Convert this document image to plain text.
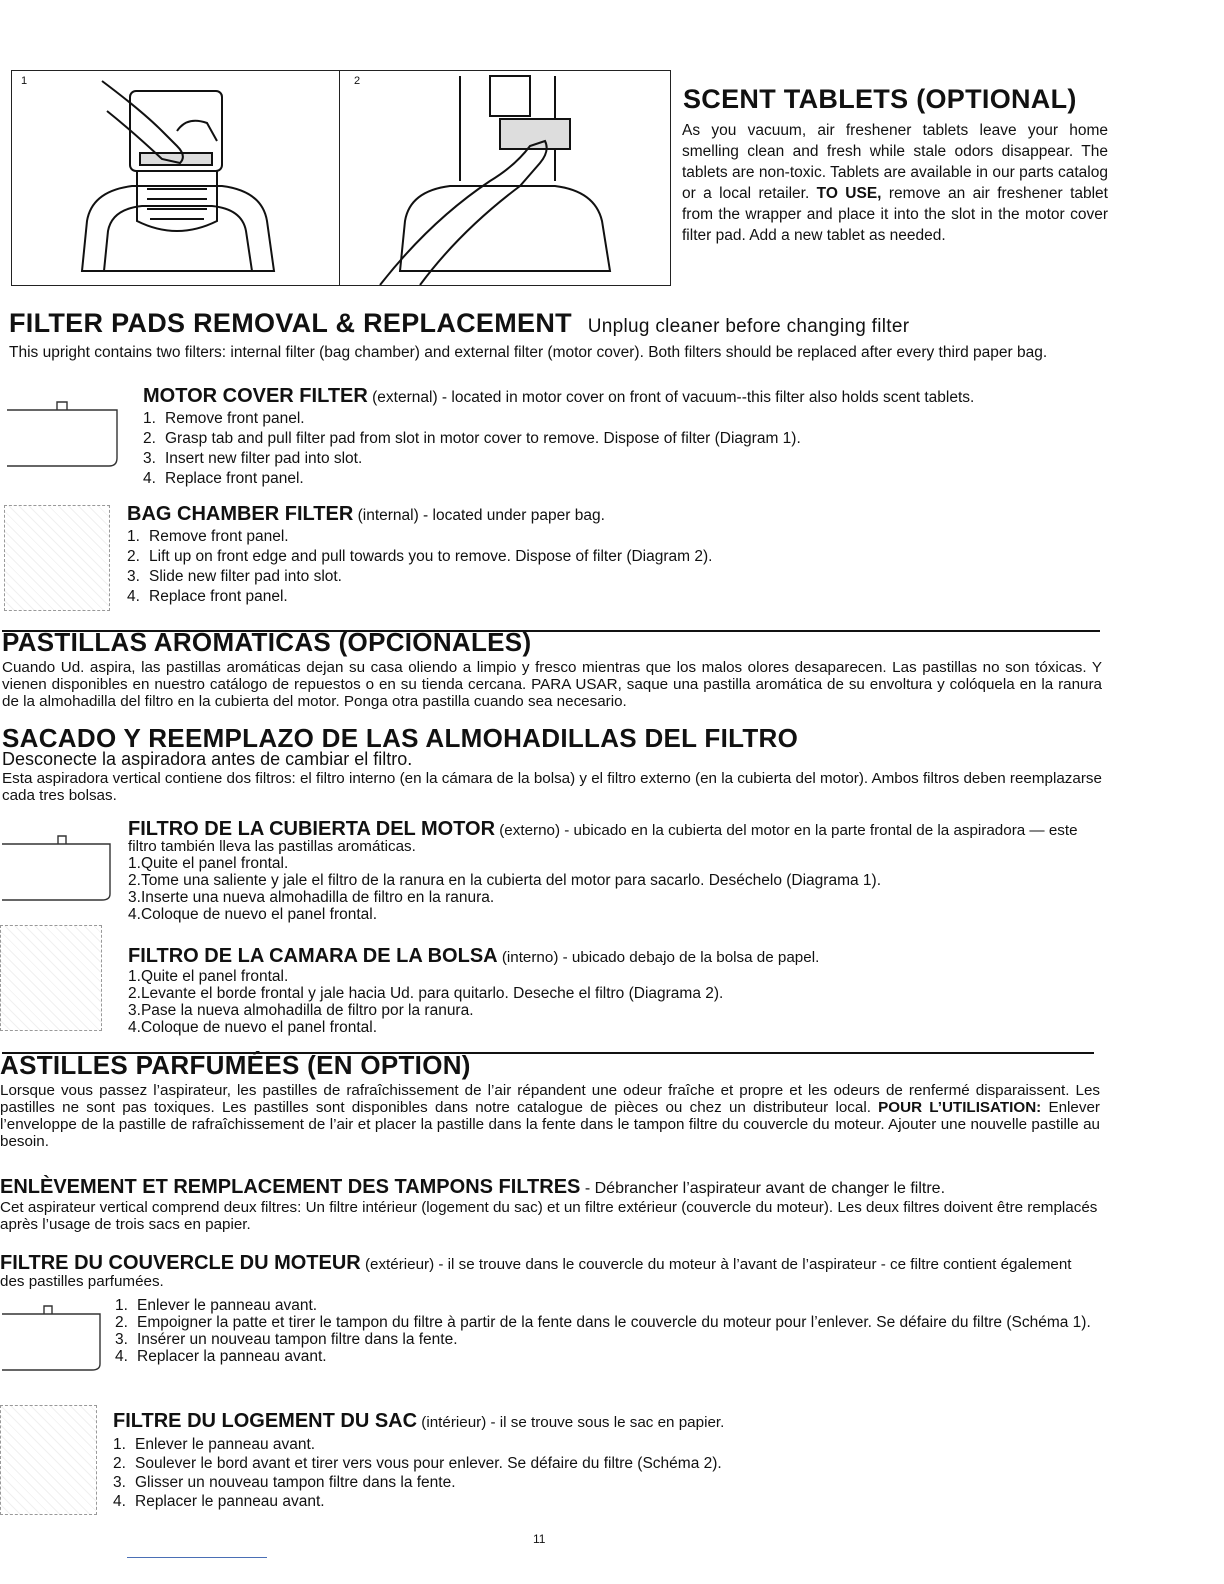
1	2
SCENT TABLETS (OPTIONAL)
As you vacuum, air freshener tablets leave your home smelling clean and fresh while stale odors disappear. The tablets are non-toxic. Tablets are available in our parts catalog or a local retailer. TO USE, remove an air freshener tablet from the wrapper and place it into the slot in the motor cover filter pad. Add a new tablet as needed.
FILTER PADS REMOVAL & REPLACEMENT Unplug cleaner before changing filter
This upright contains two filters: internal filter (bag chamber) and external filter (motor cover). Both filters should be replaced after every third paper bag.
MOTOR COVER FILTER (external) - located in motor cover on front of vacuum--this filter also holds scent tablets.
1. Remove front panel.
2. Grasp tab and pull filter pad from slot in motor cover to remove. Dispose of filter (Diagram 1).
3. Insert new filter pad into slot.
4. Replace front panel.
BAG CHAMBER FILTER (internal) - located under paper bag.
1. Remove front panel.
2. Lift up on front edge and pull towards you to remove. Dispose of filter (Diagram 2).
3. Slide new filter pad into slot.
4. Replace front panel.
PASTILLAS AROMATICAS (OPCIONALES)
Cuando Ud. aspira, las pastillas aromáticas dejan su casa oliendo a limpio y fresco mientras que los malos olores desaparecen. Las pastillas no son tóxicas. Y vienen disponibles en nuestro catálogo de repuestos o en su tienda cercana. PARA USAR, saque una pastilla aromática de su envoltura y colóquela en la ranura de la almohadilla del filtro en la cubierta del motor. Ponga otra pastilla cuando sea necesario.
SACADO Y REEMPLAZO DE LAS ALMOHADILLAS DEL FILTRO
Desconecte la aspiradora antes de cambiar el filtro.
Esta aspiradora vertical contiene dos filtros: el filtro interno (en la cámara de la bolsa) y el filtro externo (en la cubierta del motor). Ambos filtros deben reemplazarse cada tres bolsas.
FILTRO DE LA CUBIERTA DEL MOTOR (externo) - ubicado en la cubierta del motor en la parte frontal de la aspiradora — este filtro también lleva las pastillas aromáticas.
1.Quite el panel frontal.
2.Tome una saliente y jale el filtro de la ranura en la cubierta del motor para sacarlo. Deséchelo (Diagrama 1).
3.Inserte una nueva almohadilla de filtro en la ranura.
4.Coloque de nuevo el panel frontal.
FILTRO DE LA CAMARA DE LA BOLSA (interno) - ubicado debajo de la bolsa de papel.
1.Quite el panel frontal.
2.Levante el borde frontal y jale hacia Ud. para quitarlo. Deseche el filtro (Diagrama 2).
3.Pase la nueva almohadilla de filtro por la ranura.
4.Coloque de nuevo el panel frontal.
ASTILLES PARFUMÉES (EN OPTION)
Lorsque vous passez l’aspirateur, les pastilles de rafraîchissement de l’air répandent une odeur fraîche et propre et les odeurs de renfermé disparaissent. Les pastilles ne sont pas toxiques. Les pastilles sont disponibles dans notre catalogue de pièces ou chez un distributeur local. POUR L’UTILISATION: Enlever l’enveloppe de la pastille de rafraîchissement de l’air et placer la pastille dans la fente dans le tampon filtre du couvercle du moteur. Ajouter une nouvelle pastille au besoin.
ENLÈVEMENT ET REMPLACEMENT DES TAMPONS FILTRES - Débrancher l’aspirateur avant de changer le filtre.
Cet aspirateur vertical comprend deux filtres: Un filtre intérieur (logement du sac) et un filtre extérieur (couvercle du moteur). Les deux filtres doivent être remplacés après l’usage de trois sacs en papier.
FILTRE DU COUVERCLE DU MOTEUR (extérieur) - il se trouve dans le couvercle du moteur à l’avant de l’aspirateur - ce filtre contient également des pastilles parfumées.
1. Enlever le panneau avant.
2. Empoigner la patte et tirer le tampon du filtre à partir de la fente dans le couvercle du moteur pour l’enlever. Se défaire du filtre (Schéma 1).
3. Insérer un nouveau tampon filtre dans la fente.
4. Replacer la panneau avant.
FILTRE DU LOGEMENT DU SAC (intérieur) - il se trouve sous le sac en papier.
1. Enlever le panneau avant.
2. Soulever le bord avant et tirer vers vous pour enlever. Se défaire du filtre (Schéma 2).
3. Glisser un nouveau tampon filtre dans la fente.
4. Replacer le panneau avant.
11
